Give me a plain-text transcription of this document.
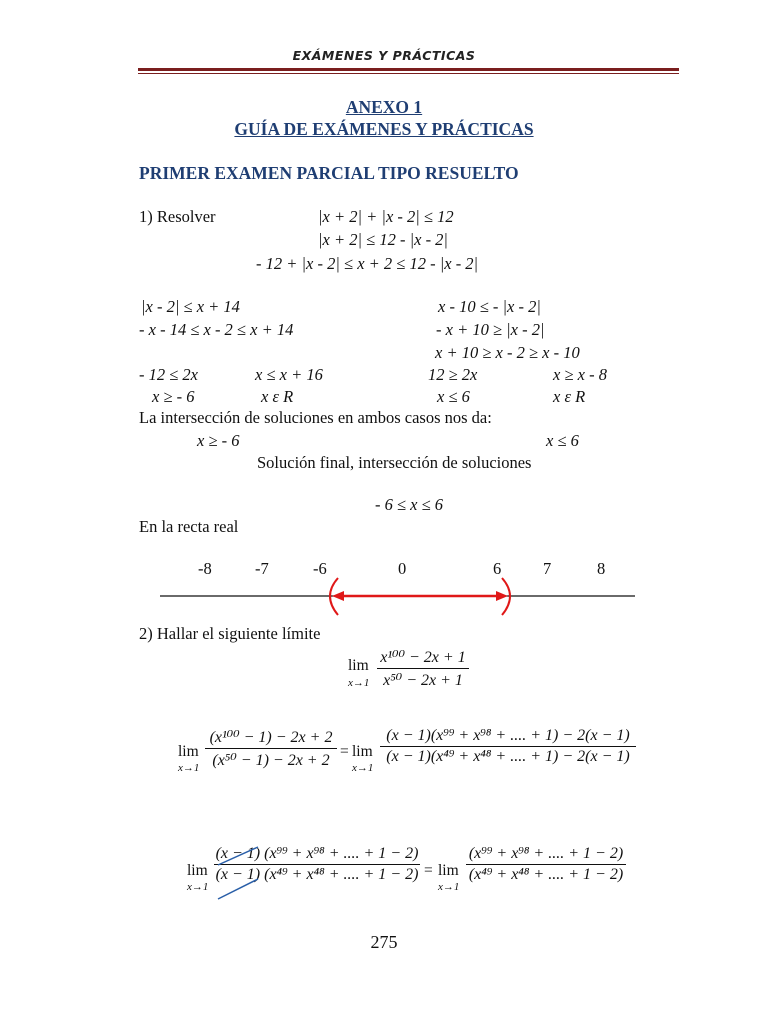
EXÁMENES Y PRÁCTICAS
ANEXO 1
GUÍA DE EXÁMENES Y PRÁCTICAS
PRIMER EXAMEN PARCIAL TIPO RESUELTO
1) Resolver	|x + 2| + |x - 2| ≤ 12
|x + 2| ≤ 12 - |x - 2|
- 12 + |x - 2| ≤ x + 2 ≤ 12 - |x - 2|
|x - 2| ≤ x + 14
- x - 14 ≤ x - 2 ≤ x + 14
- 12 ≤ 2x	x ≤ x + 16
x ≥ - 6	x ε R
x - 10 ≤ - |x - 2|
- x + 10 ≥ |x - 2|
x + 10 ≥ x - 2 ≥ x - 10
12 ≥ 2x	x ≥ x - 8
x ≤ 6	x ε R
La intersección de soluciones en ambos casos nos da:
x ≥ - 6	x ≤ 6
Solución final, intersección de soluciones
- 6 ≤ x ≤ 6
En la recta real
-8	-7	-6	0	6	7	8
2) Hallar el siguiente límite
lim
x→1
x¹⁰⁰ − 2x + 1
x⁵⁰ − 2x + 1
lim
x→1
(x¹⁰⁰ − 1) − 2x + 2
(x⁵⁰ − 1) − 2x + 2
= lim
x→1
(x − 1)(x⁹⁹ + x⁹⁸ + .... + 1) − 2(x − 1)
(x − 1)(x⁴⁹ + x⁴⁸ + .... + 1) − 2(x − 1)
lim
x→1
(x − 1) (x⁹⁹ + x⁹⁸ + .... + 1 − 2)
(x − 1) (x⁴⁹ + x⁴⁸ + .... + 1 − 2) = lim
x→1
(x⁹⁹ + x⁹⁸ + .... + 1 − 2)
(x⁴⁹ + x⁴⁸ + .... + 1 − 2)
275
